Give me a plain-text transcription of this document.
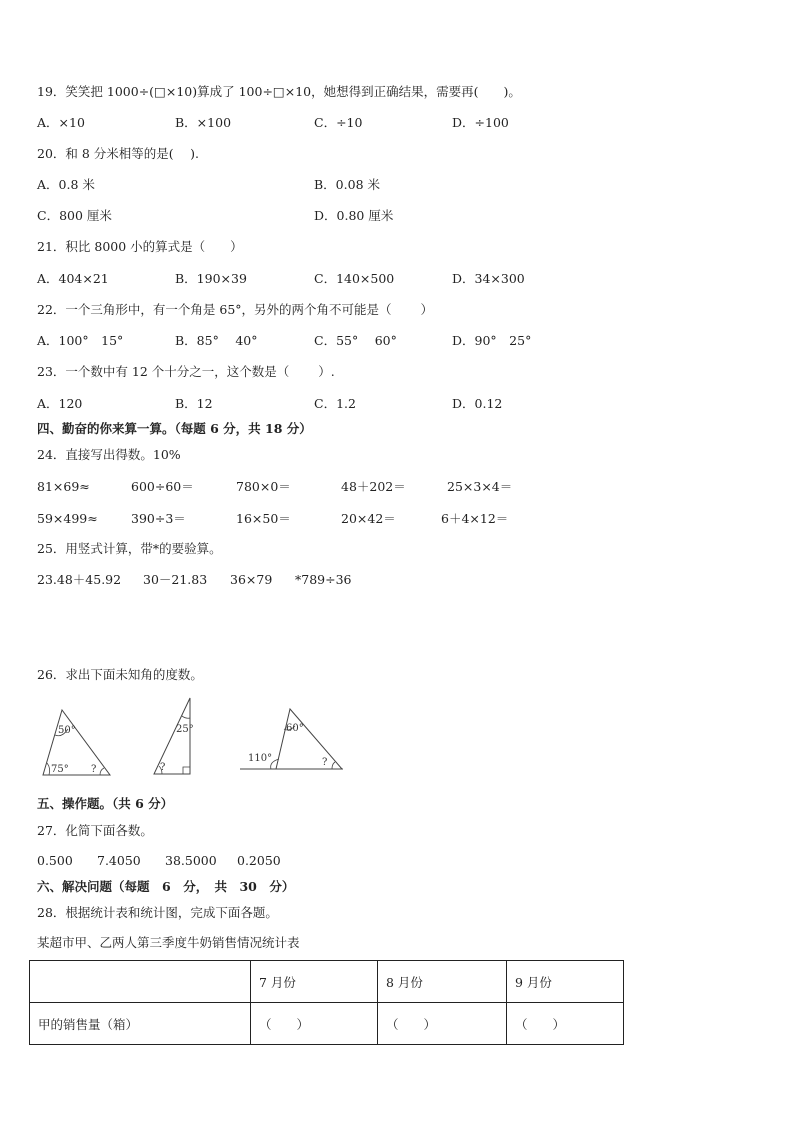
19．笑笑把 1000÷(□×10)算成了 100÷□×10，她想得到正确结果，需要再(　　)。
A．×10	B．×100	C．÷10	D．÷100
20．和 8 分米相等的是(　 ).
A．0.8 米	B．0.08 米
C．800 厘米	D．0.80 厘米
21．积比 8000 小的算式是（　　）
A．404×21	B．190×39	C．140×500	D．34×300
22．一个三角形中，有一个角是 65°，另外的两个角不可能是（　　 ）
A．100°　15°	B．85°　 40°	C．55°　 60°	D．90°　25°
23．一个数中有 12 个十分之一，这个数是（　　 ）.
A．120	B．12	C．1.2	D．0.12
四、勤奋的你来算一算。（每题 6 分，共 18 分）
24．直接写出得数。10%
81×69≈	600÷60＝	780×0＝	48＋202＝	25×3×4＝
59×499≈	390÷3＝	16×50＝	20×42＝	6＋4×12＝
25．用竖式计算，带*的要验算。
23.48＋45.92 30－21.83 36×79 *789÷36
26．求出下面未知角的度数。
50°
75° ?
25°
?
60°
110°	?
五、操作题。（共 6 分）
27．化简下面各数。
0.500 7.4050 38.5000 0.2050
六、解决问题（每题　6　分，　共　30　分）
28．根据统计表和统计图，完成下面各题。
某超市甲、乙两人第三季度牛奶销售情况统计表
	7 月份	8 月份	9 月份
甲的销售量（箱）	（　　）	（　　）	（　　）
